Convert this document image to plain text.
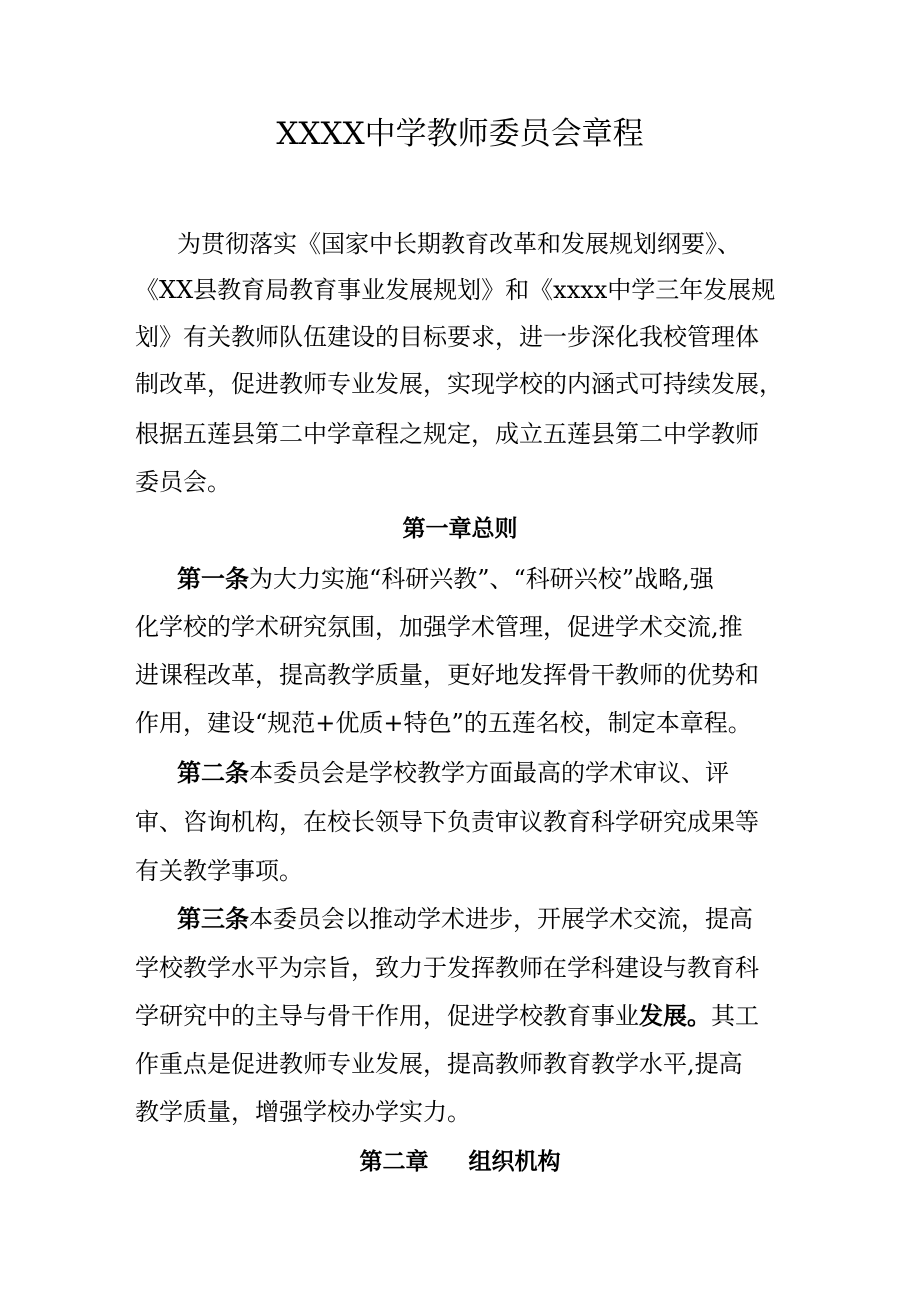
XXXX中学教师委员会章程
为贯彻落实《国家中长期教育改革和发展规划纲要》、
《XX县教育局教育事业发展规划》和《xxxx中学三年发展规
划》有关教师队伍建设的目标要求，进一步深化我校管理体
制改革，促进教师专业发展，实现学校的内涵式可持续发展，
根据五莲县第二中学章程之规定，成立五莲县第二中学教师
委员会。
第一章总则
第一条为大力实施“科研兴教”、“科研兴校”战略,强
化学校的学术研究氛围，加强学术管理，促进学术交流,推
进课程改革，提高教学质量，更好地发挥骨干教师的优势和
作用，建设“规范+优质+特色”的五莲名校，制定本章程。
第二条本委员会是学校教学方面最高的学术审议、评
审、咨询机构，在校长领导下负责审议教育科学研究成果等
有关教学事项。
第三条本委员会以推动学术进步，开展学术交流，提高
学校教学水平为宗旨，致力于发挥教师在学科建设与教育科
学研究中的主导与骨干作用，促进学校教育事业发展。其工
作重点是促进教师专业发展，提高教师教育教学水平,提高
教学质量，增强学校办学实力。
第二章 组织机构
